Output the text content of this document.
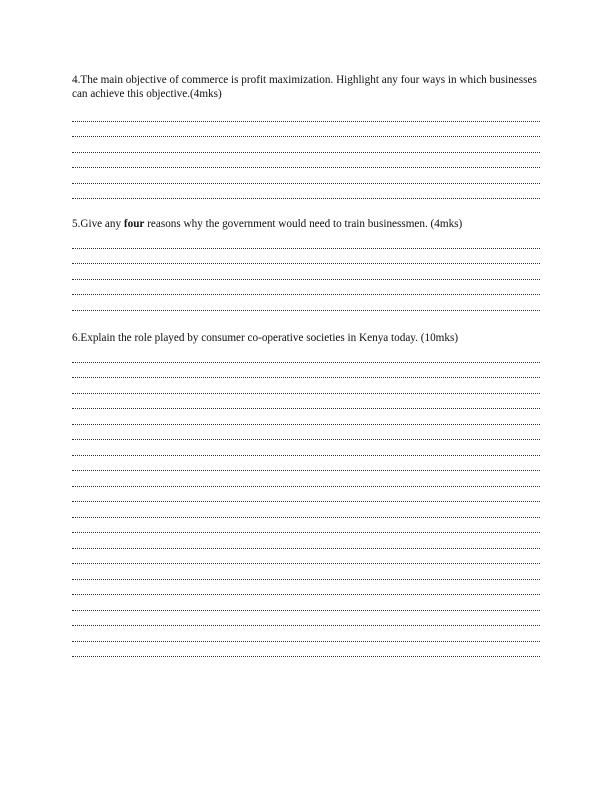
4.The main objective of commerce is profit maximization. Highlight any four ways in which businesses can achieve this objective.(4mks)

5.Give any four reasons why the government would need to train businessmen. (4mks)

6.Explain the role played by consumer co-operative societies in Kenya today. (10mks)
